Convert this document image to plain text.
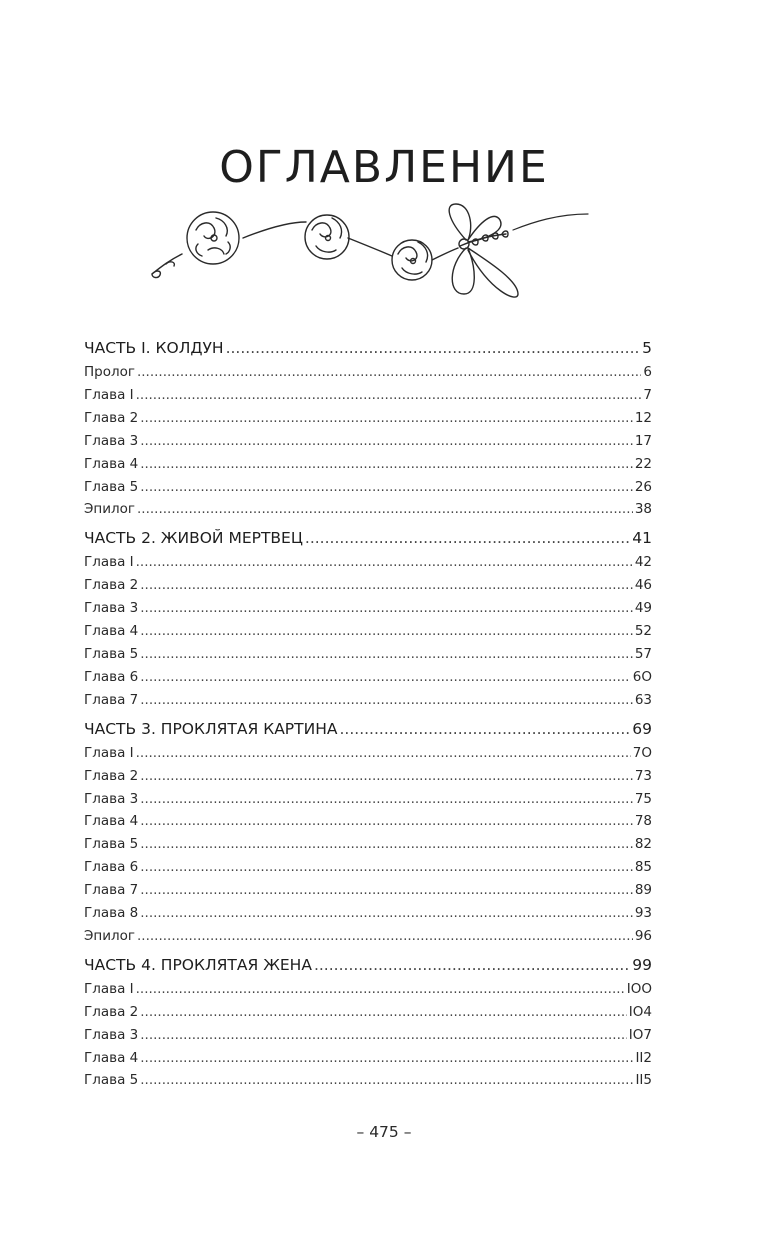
ОГЛАВЛЕНИЕ
ЧАСТЬ I. КОЛДУН .....	5
Пролог .....	6
Глава I .....	7
Глава 2 .....	12
Глава 3 .....	17
Глава 4 .....	22
Глава 5 .....	26
Эпилог .....	38
ЧАСТЬ 2. ЖИВОЙ МЕРТВЕЦ .....	41
Глава I .....	42
Глава 2 .....	46
Глава 3 .....	49
Глава 4 .....	52
Глава 5 .....	57
Глава 6 .....	6О
Глава 7 .....	63
ЧАСТЬ 3. ПРОКЛЯТАЯ КАРТИНА .....	69
Глава I .....	7О
Глава 2 .....	73
Глава 3 .....	75
Глава 4 .....	78
Глава 5 .....	82
Глава 6 .....	85
Глава 7 .....	89
Глава 8 .....	93
Эпилог .....	96
ЧАСТЬ 4. ПРОКЛЯТАЯ ЖЕНА .....	99
Глава I .....	IОО
Глава 2 .....	IО4
Глава 3 .....	IО7
Глава 4 .....	II2
Глава 5 .....	II5
– 475 –
